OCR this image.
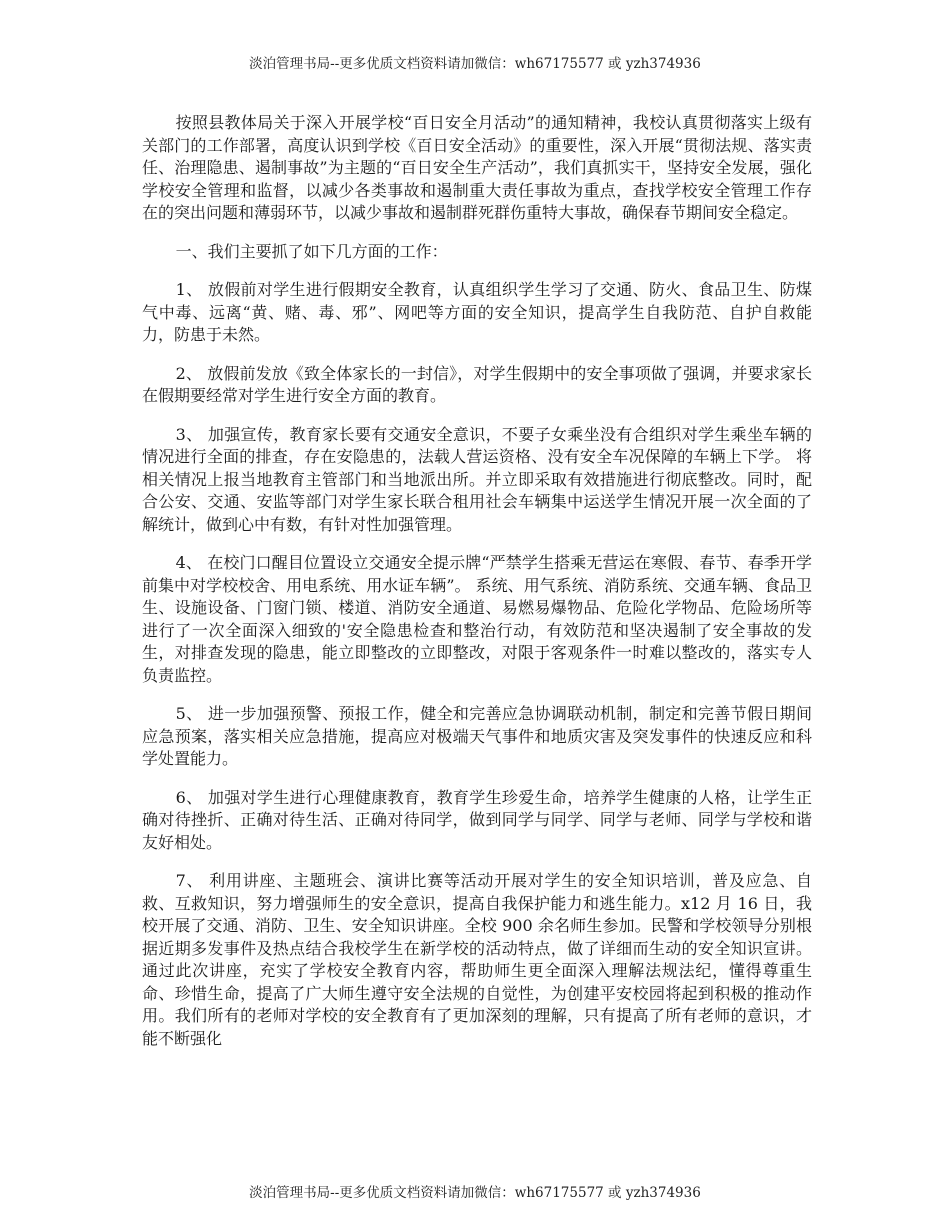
淡泊管理书局--更多优质文档资料请加微信：wh67175577 或 yzh374936

按照县教体局关于深入开展学校“百日安全月活动”的通知精神，我校认真贯彻落实上级有关部门的工作部署，高度认识到学校《百日安全活动》的重要性，深入开展“贯彻法规、落实责任、治理隐患、遏制事故”为主题的“百日安全生产活动”，我们真抓实干，坚持安全发展，强化学校安全管理和监督，以减少各类事故和遏制重大责任事故为重点，查找学校安全管理工作存在的突出问题和薄弱环节，以减少事故和遏制群死群伤重特大事故，确保春节期间安全稳定。

一、我们主要抓了如下几方面的工作：

1、 放假前对学生进行假期安全教育，认真组织学生学习了交通、防火、食品卫生、防煤气中毒、远离“黄、赌、毒、邪”、网吧等方面的安全知识，提高学生自我防范、自护自救能力，防患于未然。

2、 放假前发放《致全体家长的一封信》，对学生假期中的安全事项做了强调，并要求家长在假期要经常对学生进行安全方面的教育。

3、 加强宣传，教育家长要有交通安全意识，不要子女乘坐没有合组织对学生乘坐车辆的情况进行全面的排查，存在安隐患的，法载人营运资格、没有安全车况保障的车辆上下学。 将相关情况上报当地教育主管部门和当地派出所。并立即采取有效措施进行彻底整改。同时，配合公安、交通、安监等部门对学生家长联合租用社会车辆集中运送学生情况开展一次全面的了解统计，做到心中有数，有针对性加强管理。

4、 在校门口醒目位置设立交通安全提示牌“严禁学生搭乘无营运在寒假、春节、春季开学前集中对学校校舍、用电系统、用水证车辆”。 系统、用气系统、消防系统、交通车辆、食品卫生、设施设备、门窗门锁、楼道、消防安全通道、易燃易爆物品、危险化学物品、危险场所等进行了一次全面深入细致的'安全隐患检查和整治行动，有效防范和坚决遏制了安全事故的发生，对排查发现的隐患，能立即整改的立即整改，对限于客观条件一时难以整改的，落实专人负责监控。

5、 进一步加强预警、预报工作，健全和完善应急协调联动机制，制定和完善节假日期间应急预案，落实相关应急措施，提高应对极端天气事件和地质灾害及突发事件的快速反应和科学处置能力。

6、 加强对学生进行心理健康教育，教育学生珍爱生命，培养学生健康的人格，让学生正确对待挫折、正确对待生活、正确对待同学，做到同学与同学、同学与老师、同学与学校和谐友好相处。

7、 利用讲座、主题班会、演讲比赛等活动开展对学生的安全知识培训，普及应急、自救、互救知识，努力增强师生的安全意识，提高自我保护能力和逃生能力。x12 月 16 日，我校开展了交通、消防、卫生、安全知识讲座。全校 900 余名师生参加。民警和学校领导分别根据近期多发事件及热点结合我校学生在新学校的活动特点，做了详细而生动的安全知识宣讲。通过此次讲座，充实了学校安全教育内容，帮助师生更全面深入理解法规法纪，懂得尊重生命、珍惜生命，提高了广大师生遵守安全法规的自觉性，为创建平安校园将起到积极的推动作用。我们所有的老师对学校的安全教育有了更加深刻的理解，只有提高了所有老师的意识，才能不断强化

淡泊管理书局--更多优质文档资料请加微信：wh67175577 或 yzh374936
